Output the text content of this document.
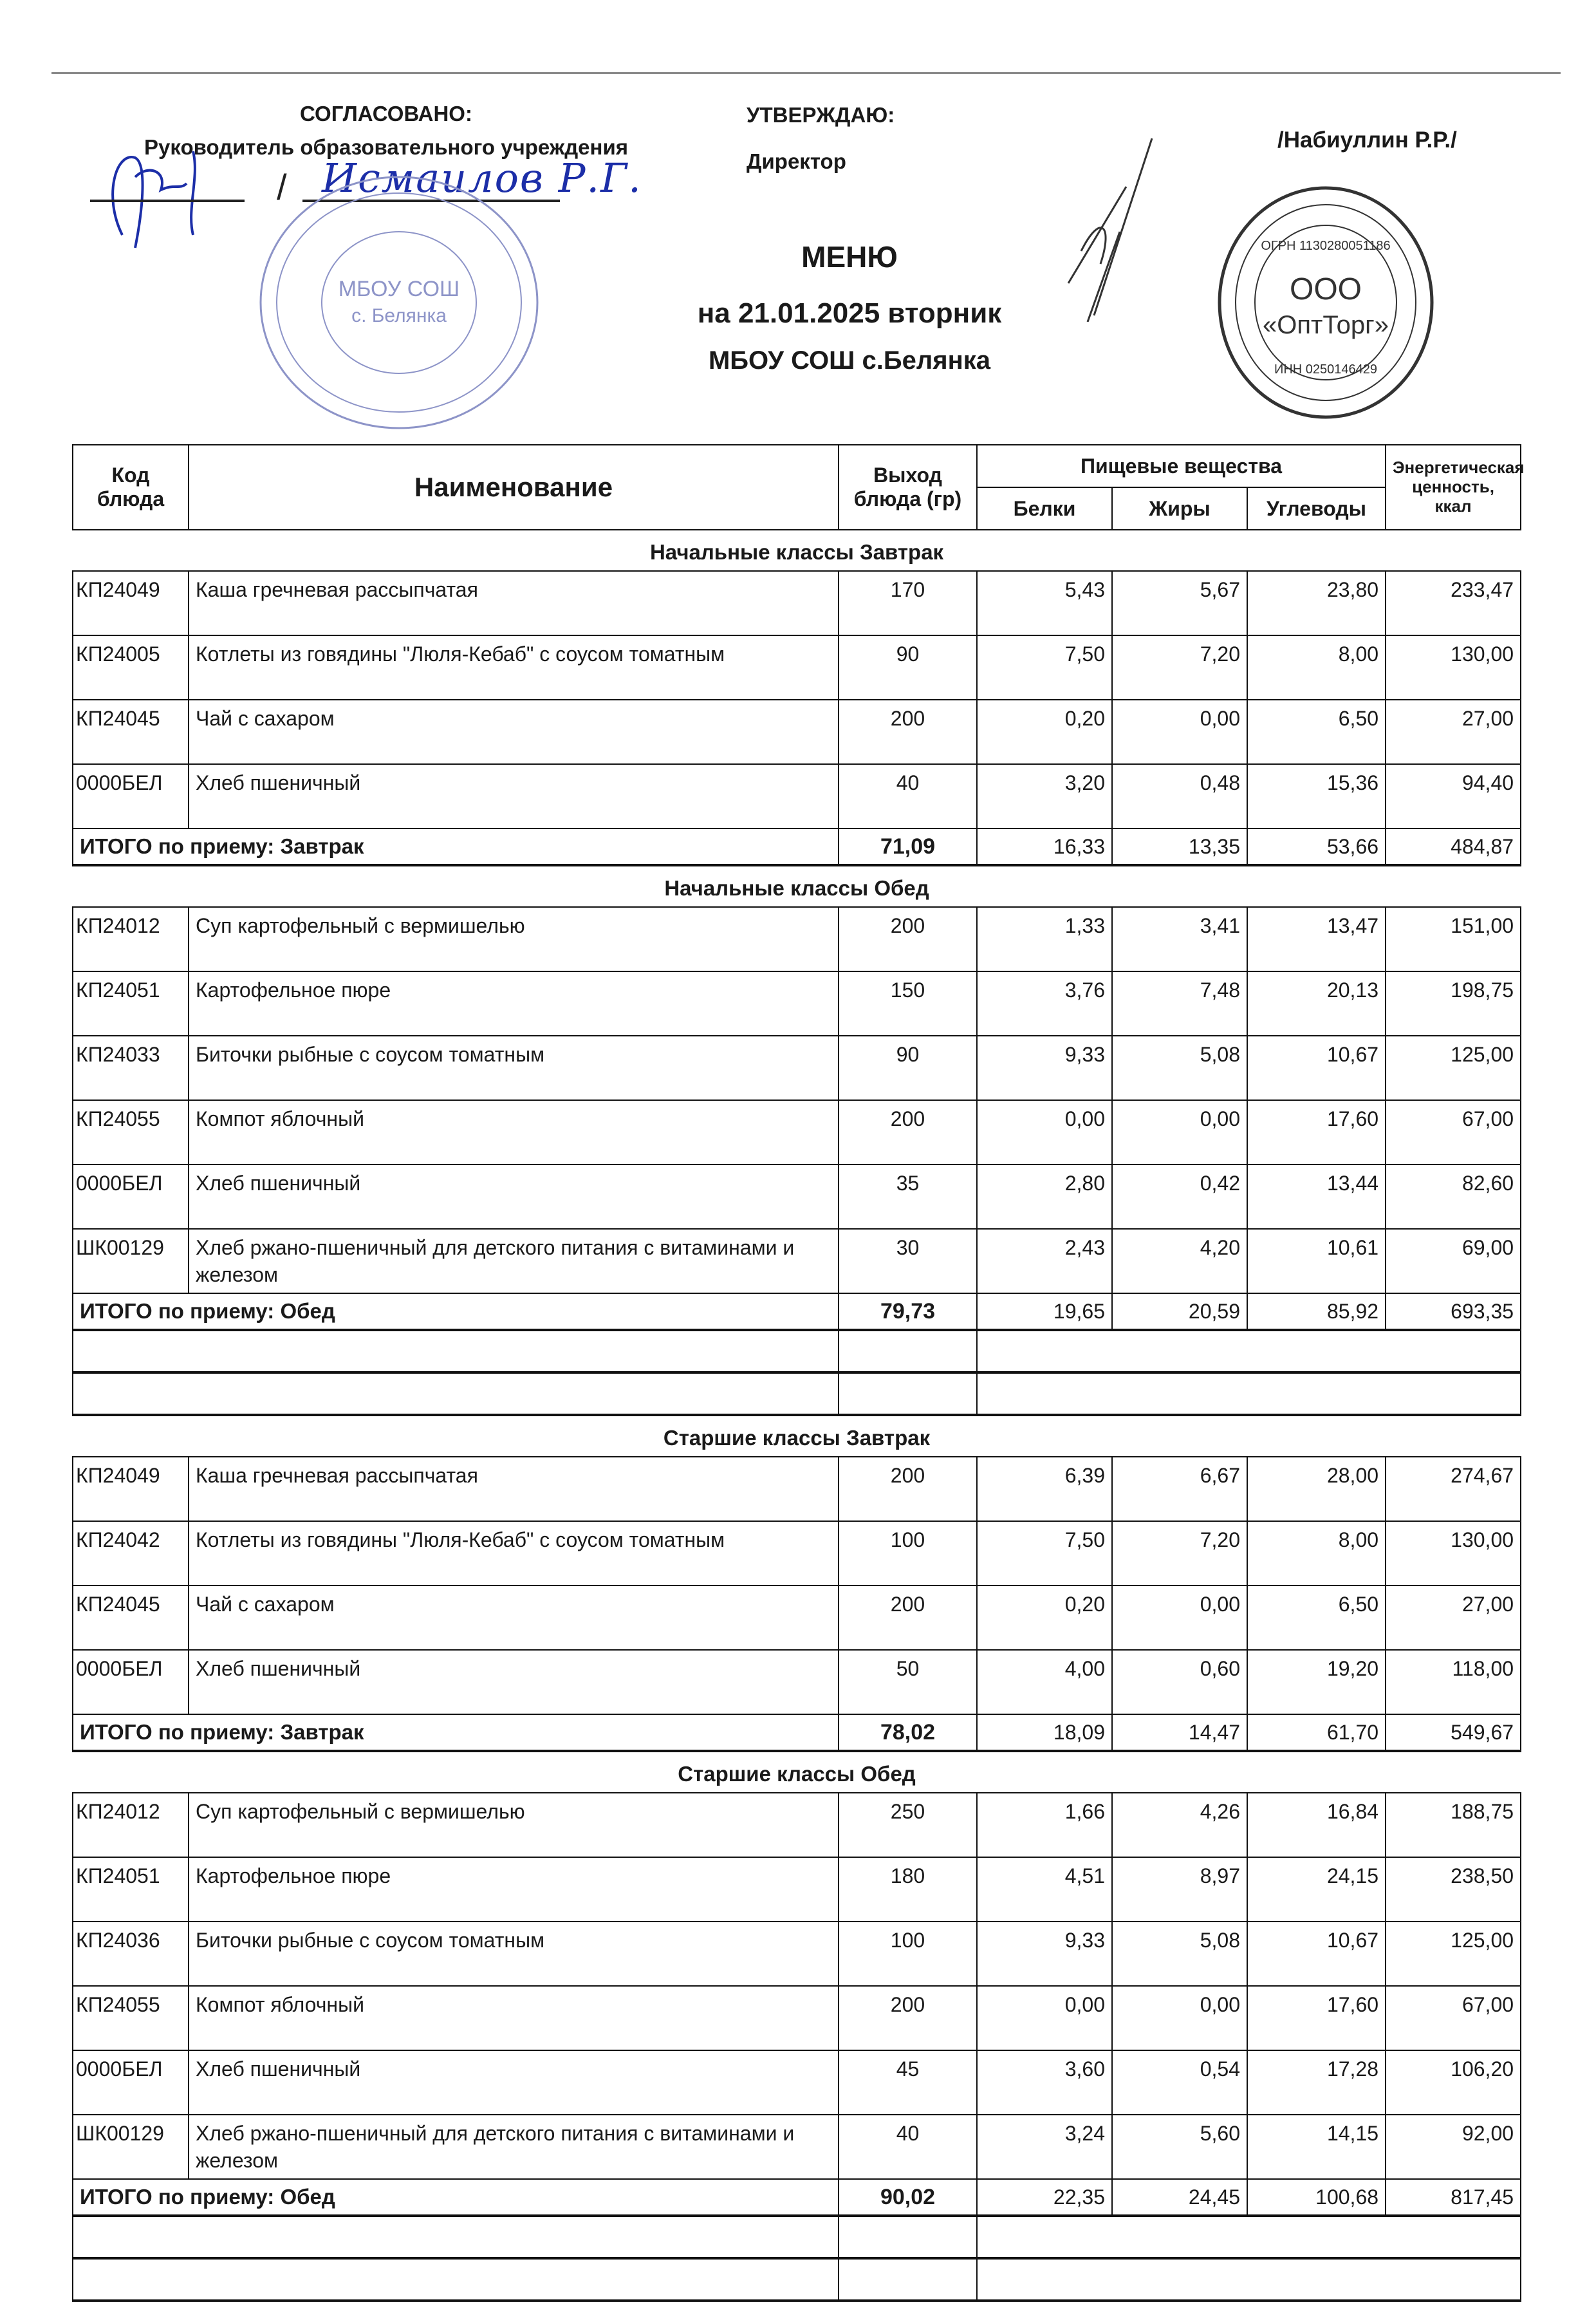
СОГЛАСОВАНО:
Руководитель образовательного учреждения
/ Исмаилов Р.Г.
МБОУ СОШ
с. Белянка
УТВЕРЖДАЮ:
Директор
/Набиуллин Р.Р./
ООО
«ОптТорг»
ОГРН 1130280051186
ИНН 0250146429
МЕНЮ
на 21.01.2025 вторник
МБОУ СОШ с.Белянка
Код блюда	Наименование	Выход блюда (гр)	Пищевые вещества			Энергетическая ценность, ккал
			Белки	Жиры	Углеводы	
Начальные классы Завтрак						
КП24049	Каша гречневая рассыпчатая	170	5,43	5,67	23,80	233,47
КП24005	Котлеты из говядины "Люля-Кебаб" с соусом томатным	90	7,50	7,20	8,00	130,00
КП24045	Чай с сахаром	200	0,20	0,00	6,50	27,00
0000БЕЛ	Хлеб пшеничный	40	3,20	0,48	15,36	94,40
ИТОГО по приему: Завтрак		71,09	16,33	13,35	53,66	484,87
Начальные классы Обед						
КП24012	Суп картофельный с вермишелью	200	1,33	3,41	13,47	151,00
КП24051	Картофельное пюре	150	3,76	7,48	20,13	198,75
КП24033	Биточки рыбные с соусом томатным	90	9,33	5,08	10,67	125,00
КП24055	Компот яблочный	200	0,00	0,00	17,60	67,00
0000БЕЛ	Хлеб пшеничный	35	2,80	0,42	13,44	82,60
ШК00129	Хлеб ржано-пшеничный для детского питания с витаминами и железом	30	2,43	4,20	10,61	69,00
ИТОГО по приему: Обед		79,73	19,65	20,59	85,92	693,35

Старшие классы Завтрак						
КП24049	Каша гречневая рассыпчатая	200	6,39	6,67	28,00	274,67
КП24042	Котлеты из говядины "Люля-Кебаб" с соусом томатным	100	7,50	7,20	8,00	130,00
КП24045	Чай с сахаром	200	0,20	0,00	6,50	27,00
0000БЕЛ	Хлеб пшеничный	50	4,00	0,60	19,20	118,00
ИТОГО по приему: Завтрак		78,02	18,09	14,47	61,70	549,67
Старшие классы Обед						
КП24012	Суп картофельный с вермишелью	250	1,66	4,26	16,84	188,75
КП24051	Картофельное пюре	180	4,51	8,97	24,15	238,50
КП24036	Биточки рыбные с соусом томатным	100	9,33	5,08	10,67	125,00
КП24055	Компот яблочный	200	0,00	0,00	17,60	67,00
0000БЕЛ	Хлеб пшеничный	45	3,60	0,54	17,28	106,20
ШК00129	Хлеб ржано-пшеничный для детского питания с витаминами и железом	40	3,24	5,60	14,15	92,00
ИТОГО по приему: Обед		90,02	22,35	24,45	100,68	817,45
